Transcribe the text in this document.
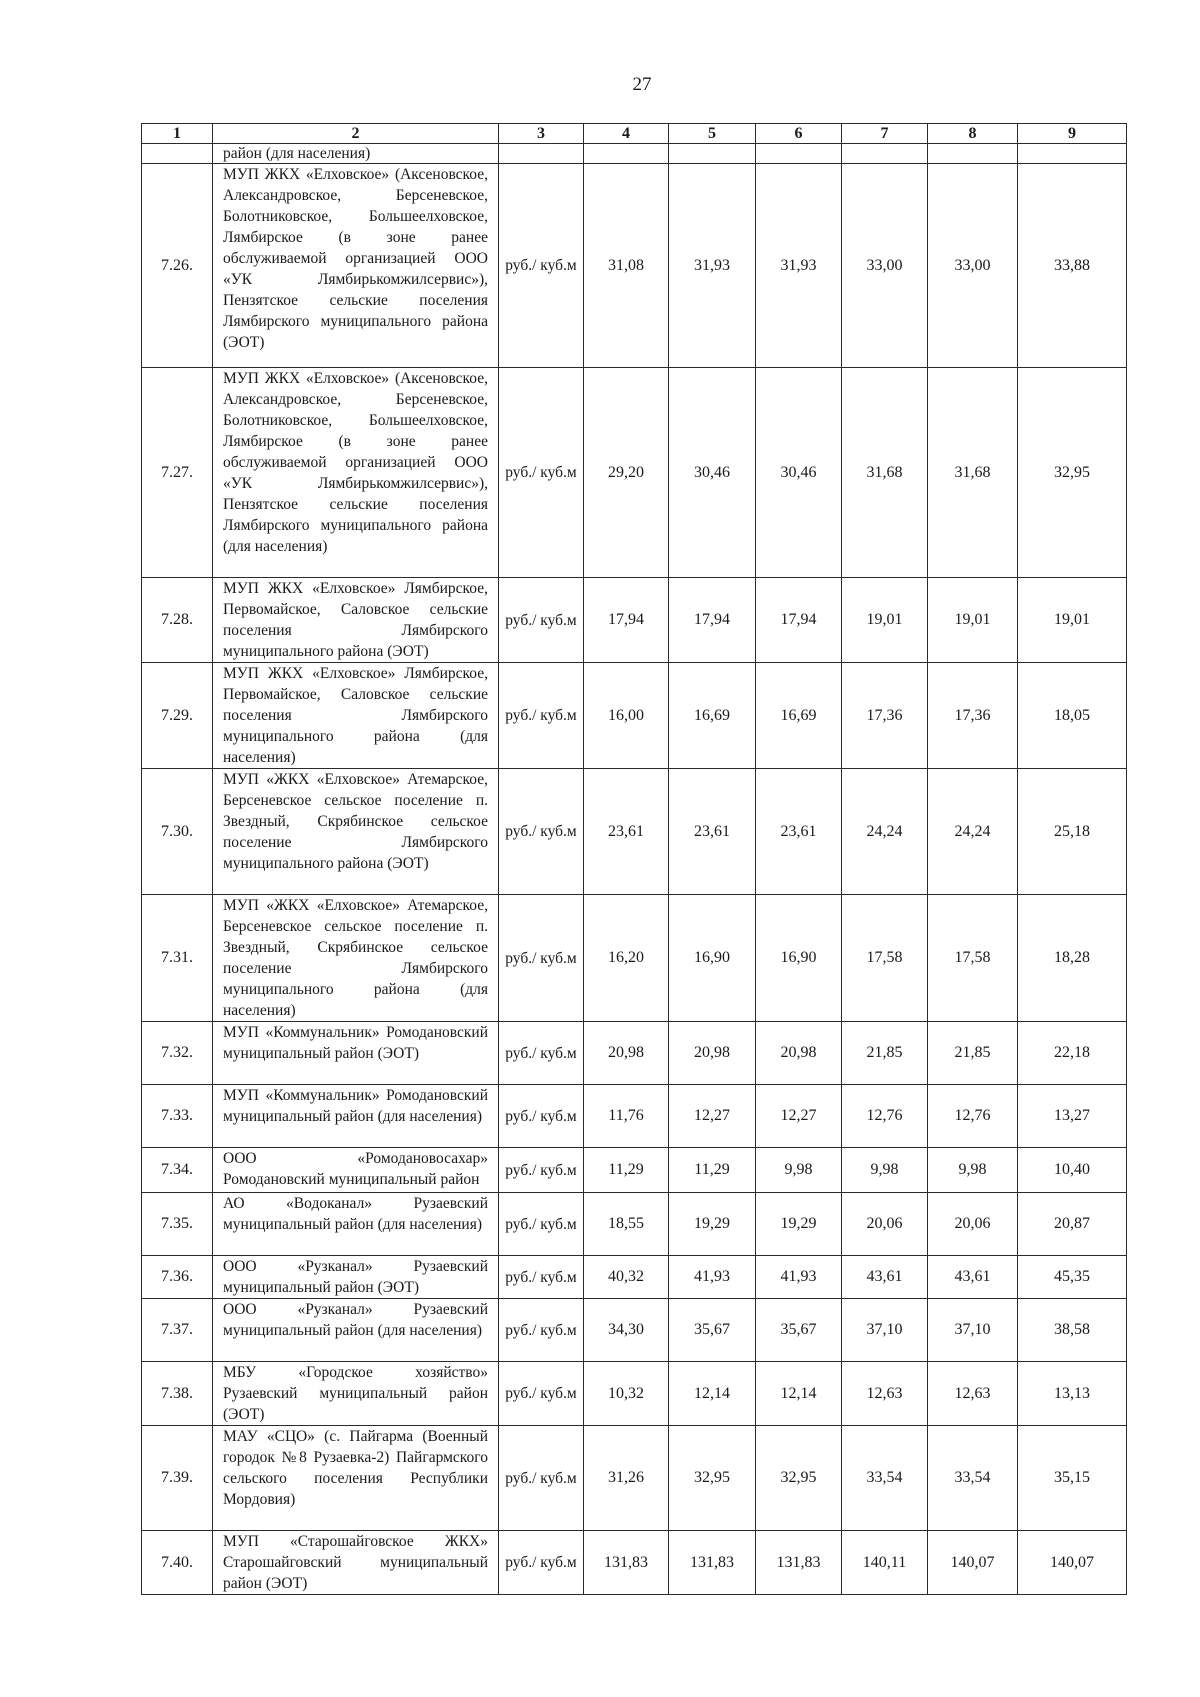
27
1	2	3	4	5	6	7	8	9
	район (для населения)							
7.26.	МУП ЖКХ «Елховское» (Аксеновское, Александровское, Берсеневское, Болотниковское, Большеелховское, Лямбирское (в зоне ранее обслуживаемой организацией ООО «УК Лямбирькомжилсервис»), Пензятское сельские поселения Лямбирского муниципального района (ЭОТ)	руб./ куб.м	31,08	31,93	31,93	33,00	33,00	33,88
7.27.	МУП ЖКХ «Елховское» (Аксеновское, Александровское, Берсеневское, Болотниковское, Большеелховское, Лямбирское (в зоне ранее обслуживаемой организацией ООО «УК Лямбирькомжилсервис»), Пензятское сельские поселения Лямбирского муниципального района (для населения)	руб./ куб.м	29,20	30,46	30,46	31,68	31,68	32,95
7.28.	МУП ЖКХ «Елховское» Лямбирское, Первомайское, Саловское сельские поселения Лямбирского муниципального района (ЭОТ)	руб./ куб.м	17,94	17,94	17,94	19,01	19,01	19,01
7.29.	МУП ЖКХ «Елховское» Лямбирское, Первомайское, Саловское сельские поселения Лямбирского муниципального района (для населения)	руб./ куб.м	16,00	16,69	16,69	17,36	17,36	18,05
7.30.	МУП «ЖКХ «Елховское» Атемарское, Берсеневское сельское поселение п. Звездный, Скрябинское сельское поселение Лямбирского муниципального района (ЭОТ)	руб./ куб.м	23,61	23,61	23,61	24,24	24,24	25,18
7.31.	МУП «ЖКХ «Елховское» Атемарское, Берсеневское сельское поселение п. Звездный, Скрябинское сельское поселение Лямбирского муниципального района (для населения)	руб./ куб.м	16,20	16,90	16,90	17,58	17,58	18,28
7.32.	МУП «Коммунальник» Ромодановский муниципальный район (ЭОТ)	руб./ куб.м	20,98	20,98	20,98	21,85	21,85	22,18
7.33.	МУП «Коммунальник» Ромодановский муниципальный район (для населения)	руб./ куб.м	11,76	12,27	12,27	12,76	12,76	13,27
7.34.	ООО «Ромодановосахар» Ромодановский муниципальный район	руб./ куб.м	11,29	11,29	9,98	9,98	9,98	10,40
7.35.	АО «Водоканал» Рузаевский муниципальный район (для населения)	руб./ куб.м	18,55	19,29	19,29	20,06	20,06	20,87
7.36.	ООО «Рузканал» Рузаевский муниципальный район (ЭОТ)	руб./ куб.м	40,32	41,93	41,93	43,61	43,61	45,35
7.37.	ООО «Рузканал» Рузаевский муниципальный район (для населения)	руб./ куб.м	34,30	35,67	35,67	37,10	37,10	38,58
7.38.	МБУ «Городское хозяйство» Рузаевский муниципальный район (ЭОТ)	руб./ куб.м	10,32	12,14	12,14	12,63	12,63	13,13
7.39.	МАУ «СЦО» (с. Пайгарма (Военный городок №8 Рузаевка-2) Пайгармского сельского поселения Республики Мордовия)	руб./ куб.м	31,26	32,95	32,95	33,54	33,54	35,15
7.40.	МУП «Старошайговское ЖКХ» Старошайговский муниципальный район (ЭОТ)	руб./ куб.м	131,83	131,83	131,83	140,11	140,07	140,07
